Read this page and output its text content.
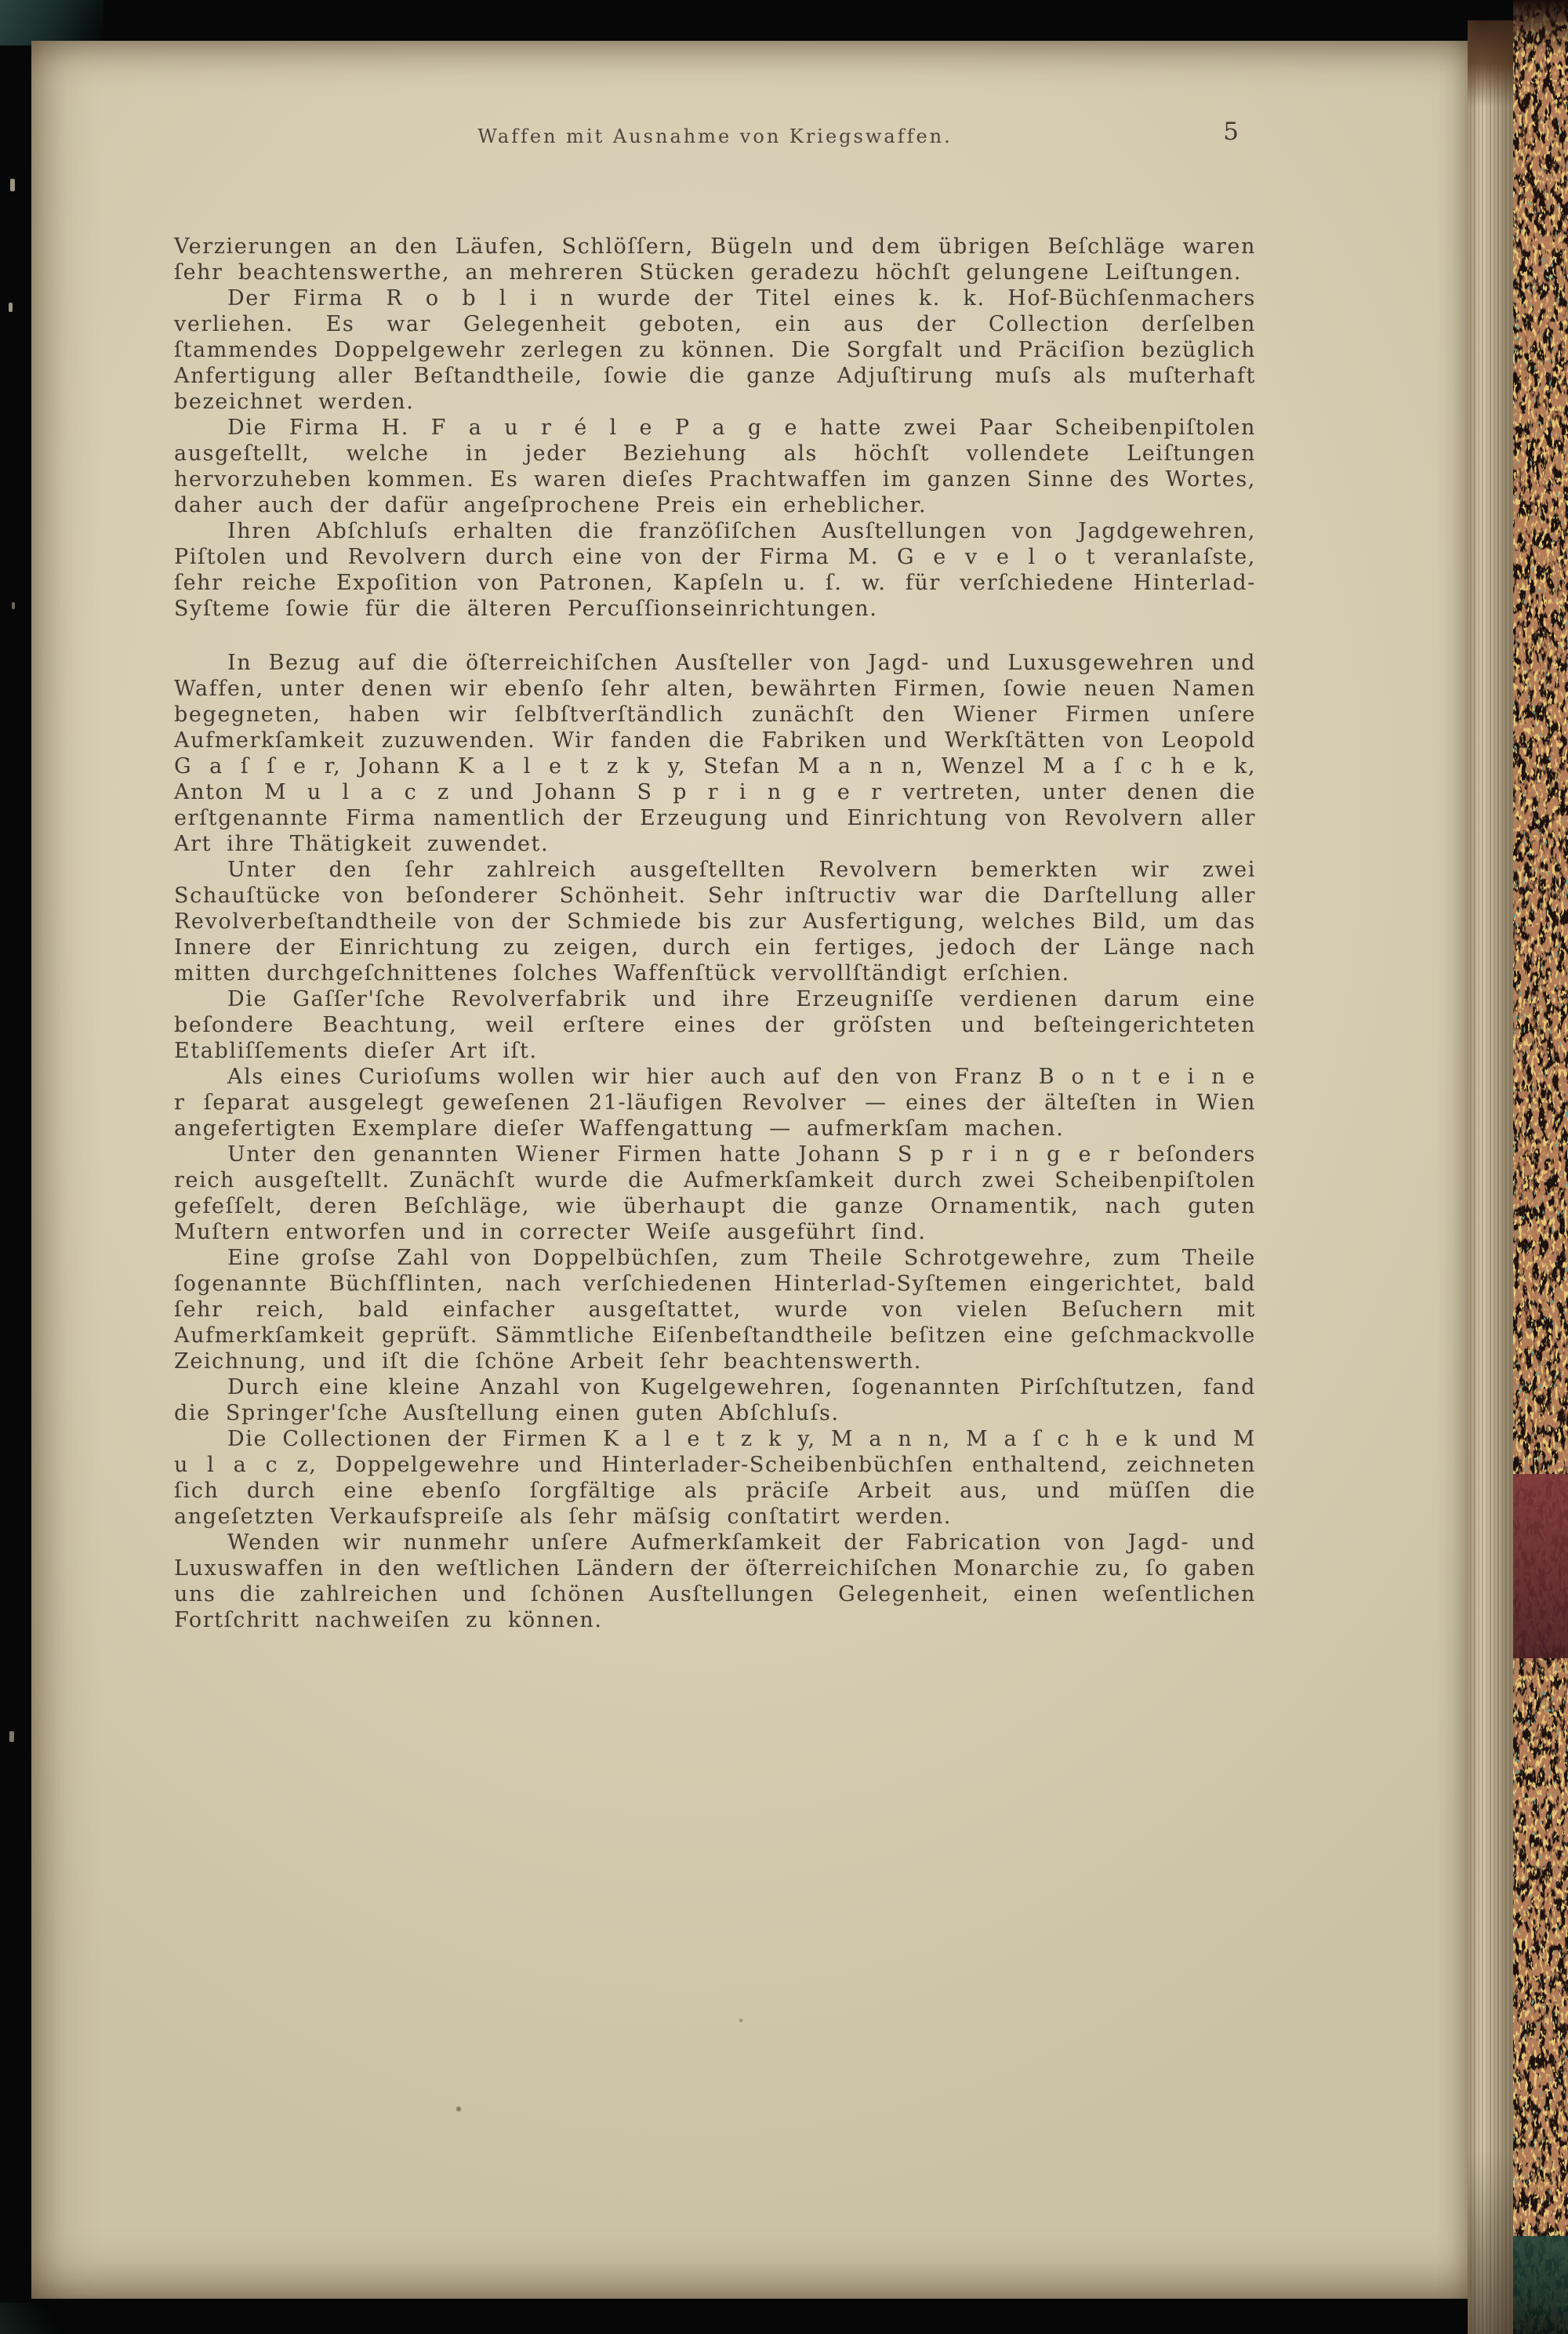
Waffen mit Ausnahme von Kriegswaffen.	5

Verzierungen an den Läufen, Schlöſſern, Bügeln und dem übrigen Beſchläge waren ſehr beachtenswerthe, an mehreren Stücken geradezu höchſt gelungene Leiſtungen.

Der Firma R o b l i n wurde der Titel eines k. k. Hof-Büchſenmachers verliehen. Es war Gelegenheit geboten, ein aus der Collection derſelben ſtammendes Doppelgewehr zerlegen zu können. Die Sorgfalt und Präciſion bezüglich Anfertigung aller Beſtandtheile, ſowie die ganze Adjuſtirung muſs als muſterhaft bezeichnet werden.

Die Firma H. F a u r é l e P a g e hatte zwei Paar Scheibenpiſtolen ausgeſtellt, welche in jeder Beziehung als höchſt vollendete Leiſtungen hervorzuheben kommen. Es waren dieſes Prachtwaffen im ganzen Sinne des Wortes, daher auch der dafür angeſprochene Preis ein erheblicher.

Ihren Abſchluſs erhalten die franzöſiſchen Ausſtellungen von Jagdgewehren, Piſtolen und Revolvern durch eine von der Firma M. G e v e l o t veranlaſste, ſehr reiche Expoſition von Patronen, Kapſeln u. ſ. w. für verſchiedene Hinterlad-Syſteme ſowie für die älteren Percuſſionseinrichtungen.

In Bezug auf die öſterreichiſchen Ausſteller von Jagd- und Luxusgewehren und Waffen, unter denen wir ebenſo ſehr alten, bewährten Firmen, ſowie neuen Namen begegneten, haben wir ſelbſtverſtändlich zunächſt den Wiener Firmen unſere Aufmerkſamkeit zuzuwenden. Wir fanden die Fabriken und Werkſtätten von Leopold G a ſ ſ e r, Johann K a l e t z k y, Stefan M a n n, Wenzel M a ſ c h e k, Anton M u l a c z und Johann S p r i n g e r vertreten, unter denen die erſtgenannte Firma namentlich der Erzeugung und Einrichtung von Revolvern aller Art ihre Thätigkeit zuwendet.

Unter den ſehr zahlreich ausgeſtellten Revolvern bemerkten wir zwei Schauſtücke von beſonderer Schönheit. Sehr inſtructiv war die Darſtellung aller Revolverbeſtandtheile von der Schmiede bis zur Ausfertigung, welches Bild, um das Innere der Einrichtung zu zeigen, durch ein fertiges, jedoch der Länge nach mitten durchgeſchnittenes ſolches Waffenſtück vervollſtändigt erſchien.

Die Gaſſer'ſche Revolverfabrik und ihre Erzeugniſſe verdienen darum eine beſondere Beachtung, weil erſtere eines der gröſsten und beſteingerichteten Etabliſſements dieſer Art iſt.

Als eines Curioſums wollen wir hier auch auf den von Franz B o n t e i n e r ſeparat ausgelegt geweſenen 21-läufigen Revolver — eines der älteſten in Wien angefertigten Exemplare dieſer Waffengattung — aufmerkſam machen.

Unter den genannten Wiener Firmen hatte Johann S p r i n g e r beſonders reich ausgeſtellt. Zunächſt wurde die Aufmerkſamkeit durch zwei Scheibenpiſtolen gefeſſelt, deren Beſchläge, wie überhaupt die ganze Ornamentik, nach guten Muſtern entworfen und in correcter Weiſe ausgeführt ſind.

Eine groſse Zahl von Doppelbüchſen, zum Theile Schrotgewehre, zum Theile ſogenannte Büchſflinten, nach verſchiedenen Hinterlad-Syſtemen eingerichtet, bald ſehr reich, bald einfacher ausgeſtattet, wurde von vielen Beſuchern mit Aufmerkſamkeit geprüft. Sämmtliche Eiſenbeſtandtheile beſitzen eine geſchmackvolle Zeichnung, und iſt die ſchöne Arbeit ſehr beachtenswerth.

Durch eine kleine Anzahl von Kugelgewehren, ſogenannten Pirſchſtutzen, fand die Springer'ſche Ausſtellung einen guten Abſchluſs.

Die Collectionen der Firmen K a l e t z k y, M a n n, M a ſ c h e k und M u l a c z, Doppelgewehre und Hinterlader-Scheibenbüchſen enthaltend, zeichneten ſich durch eine ebenſo ſorgfältige als präciſe Arbeit aus, und müſſen die angeſetzten Verkaufspreiſe als ſehr mäſsig conſtatirt werden.

Wenden wir nunmehr unſere Aufmerkſamkeit der Fabrication von Jagd- und Luxuswaffen in den weſtlichen Ländern der öſterreichiſchen Monarchie zu, ſo gaben uns die zahlreichen und ſchönen Ausſtellungen Gelegenheit, einen weſentlichen Fortſchritt nachweiſen zu können.
